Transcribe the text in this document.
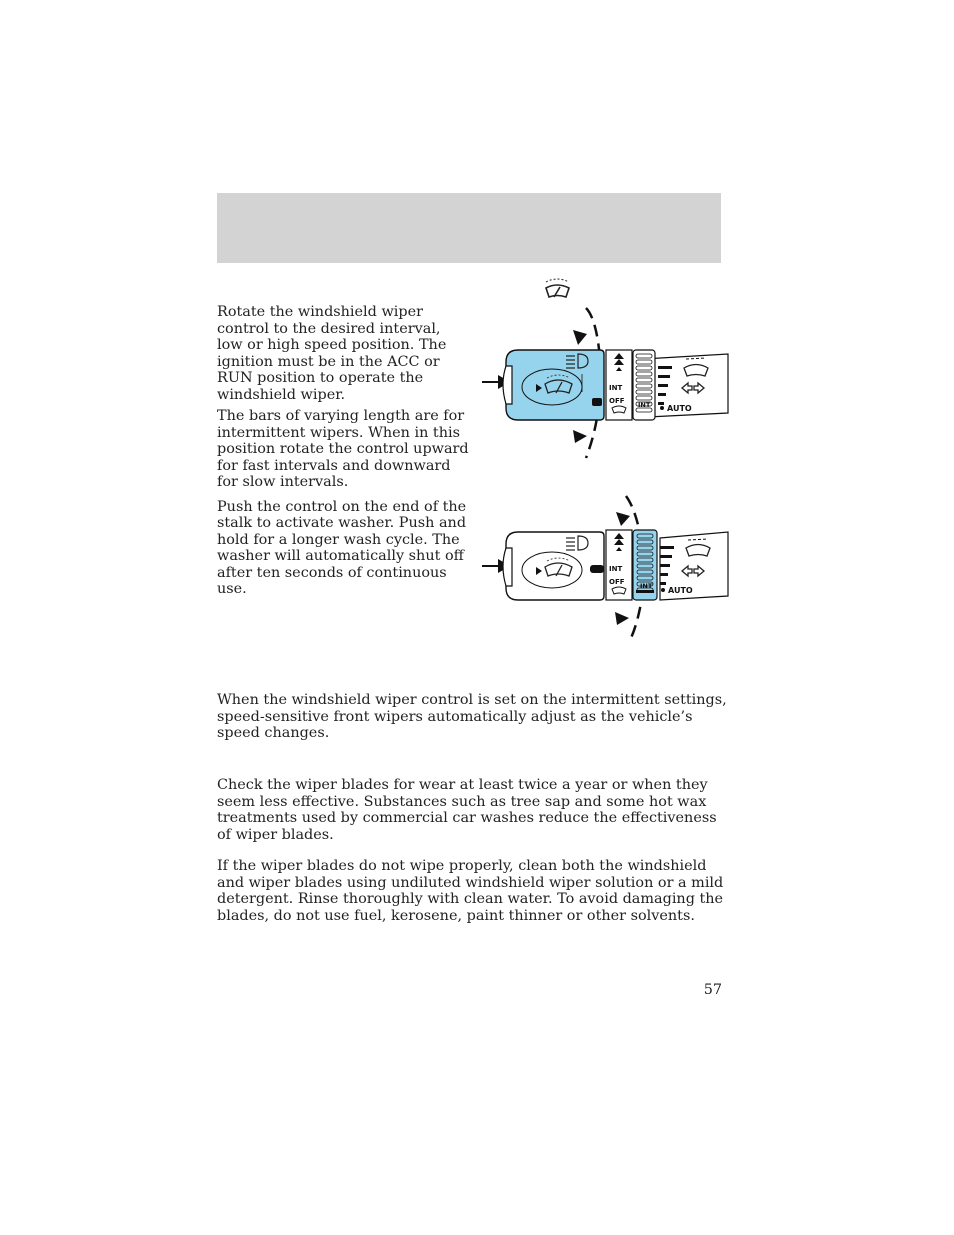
Rotate the windshield wiper control to the desired interval, low or high speed position. The ignition must be in the ACC or RUN position to operate the windshield wiper.

The bars of varying length are for intermittent wipers. When in this position rotate the control upward for fast intervals and downward for slow intervals.

Push the control on the end of the stalk to activate washer. Push and hold for a longer wash cycle. The washer will automatically shut off after ten seconds of continuous use.

AUTO
INT
INT
OFF
AUTO
INT
INT
OFF

When the windshield wiper control is set on the intermittent settings, speed-sensitive front wipers automatically adjust as the vehicle’s speed changes.

Check the wiper blades for wear at least twice a year or when they seem less effective. Substances such as tree sap and some hot wax treatments used by commercial car washes reduce the effectiveness of wiper blades.

If the wiper blades do not wipe properly, clean both the windshield and wiper blades using undiluted windshield wiper solution or a mild detergent. Rinse thoroughly with clean water. To avoid damaging the blades, do not use fuel, kerosene, paint thinner or other solvents.

57
